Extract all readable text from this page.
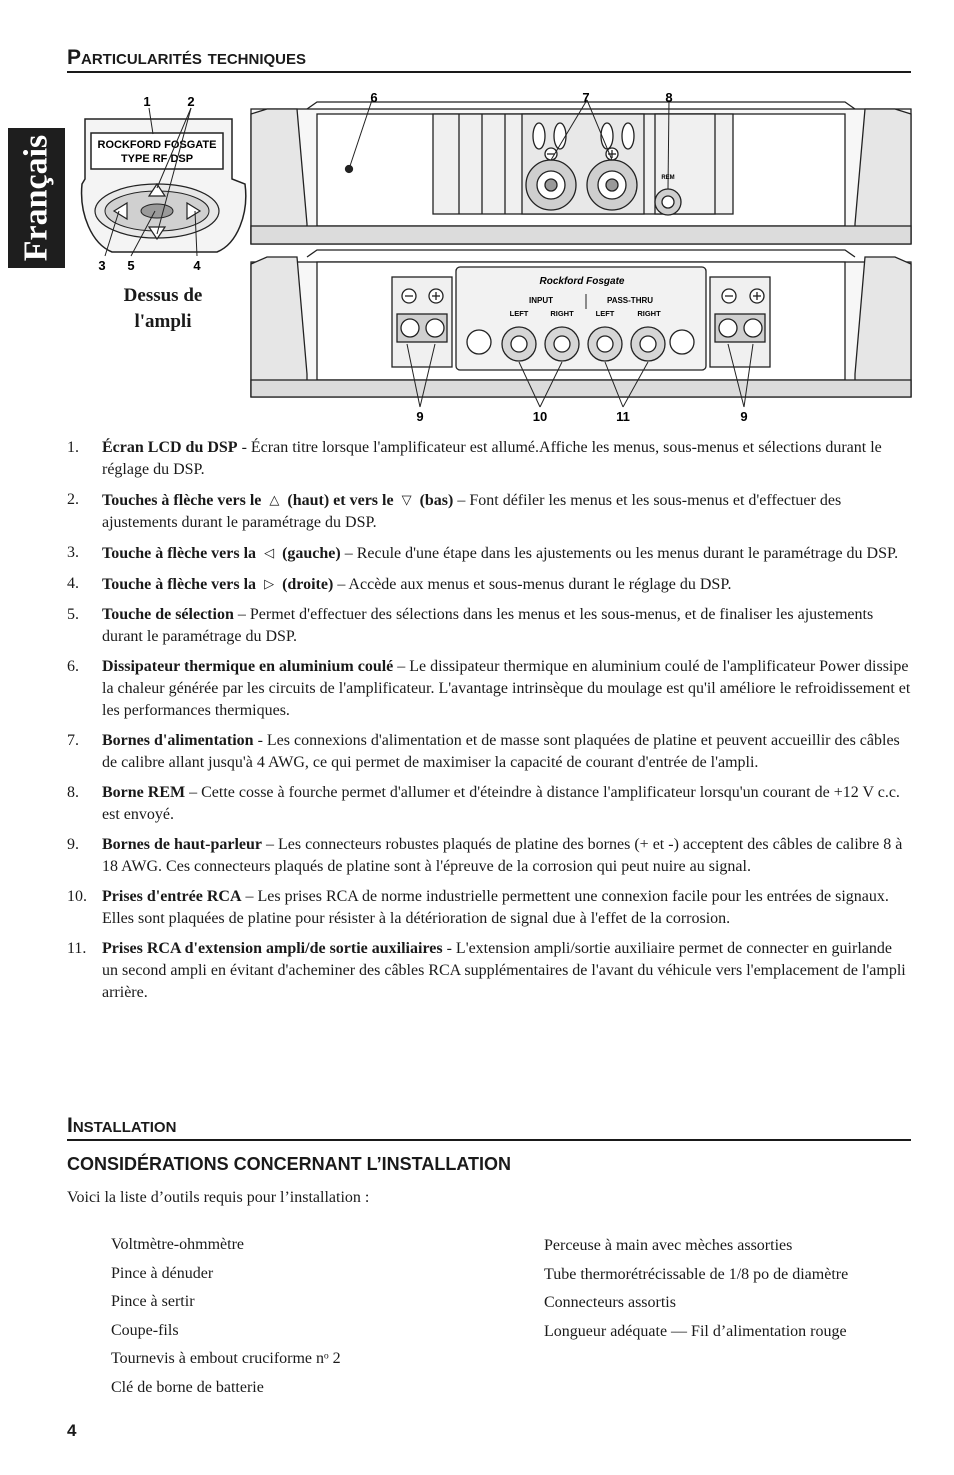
Français
Particularités techniques
ROCKFORD FOSGATE
TYPE RF DSP
1	2
3 5	4
REM
6	7	8
Rockford Fosgate
INPUT	PASS-THRU
LEFT	RIGHT	LEFT	RIGHT
9	10	11	9
Dessus de
l'ampli
1. Écran LCD du DSP - Écran titre lorsque l'amplificateur est allumé.Affiche les menus, sous-menus et sélections durant le réglage du DSP.
2. Touches à flèche vers le △ (haut) et vers le ▽ (bas) – Font défiler les menus et les sous-menus et d'effectuer des ajustements durant le paramétrage du DSP.
3. Touche à flèche vers la ◁ (gauche) – Recule d'une étape dans les ajustements ou les menus durant le paramétrage du DSP.
4. Touche à flèche vers la ▷ (droite) – Accède aux menus et sous-menus durant le réglage du DSP.
5. Touche de sélection – Permet d'effectuer des sélections dans les menus et les sous-menus, et de finaliser les ajustements durant le paramétrage du DSP.
6. Dissipateur thermique en aluminium coulé – Le dissipateur thermique en aluminium coulé de l'amplificateur Power dissipe la chaleur générée par les circuits de l'amplificateur. L'avantage intrinsèque du moulage est qu'il améliore le refroidissement et les performances thermiques.
7. Bornes d'alimentation - Les connexions d'alimentation et de masse sont plaquées de platine et peuvent accueillir des câbles de calibre allant jusqu'à 4 AWG, ce qui permet de maximiser la capacité de courant d'entrée de l'ampli.
8. Borne REM – Cette cosse à fourche permet d'allumer et d'éteindre à distance l'amplificateur lorsqu'un courant de +12 V c.c. est envoyé.
9. Bornes de haut-parleur – Les connecteurs robustes plaqués de platine des bornes (+ et -) acceptent des câbles de calibre 8 à 18 AWG. Ces connecteurs plaqués de platine sont à l'épreuve de la corrosion qui peut nuire au signal.
10. Prises d'entrée RCA – Les prises RCA de norme industrielle permettent une connexion facile pour les entrées de signaux. Elles sont plaquées de platine pour résister à la détérioration de signal due à l'effet de la corrosion.
11. Prises RCA d'extension ampli/de sortie auxiliaires - L'extension ampli/sortie auxiliaire permet de connecter en guirlande un second ampli en évitant d'acheminer des câbles RCA supplémentaires de l'avant du véhicule vers l'emplacement de l'ampli arrière.
Installation
CONSIDÉRATIONS CONCERNANT L’INSTALLATION
Voici la liste d’outils requis pour l’installation :
Voltmètre-ohmmètre
Pince à dénuder
Pince à sertir
Coupe-fils
Tournevis à embout cruciforme nᵒ 2
Clé de borne de batterie
Perceuse à main avec mèches assorties
Tube thermorétrécissable de 1/8 po de diamètre
Connecteurs assortis
Longueur adéquate — Fil d’alimentation rouge
4
